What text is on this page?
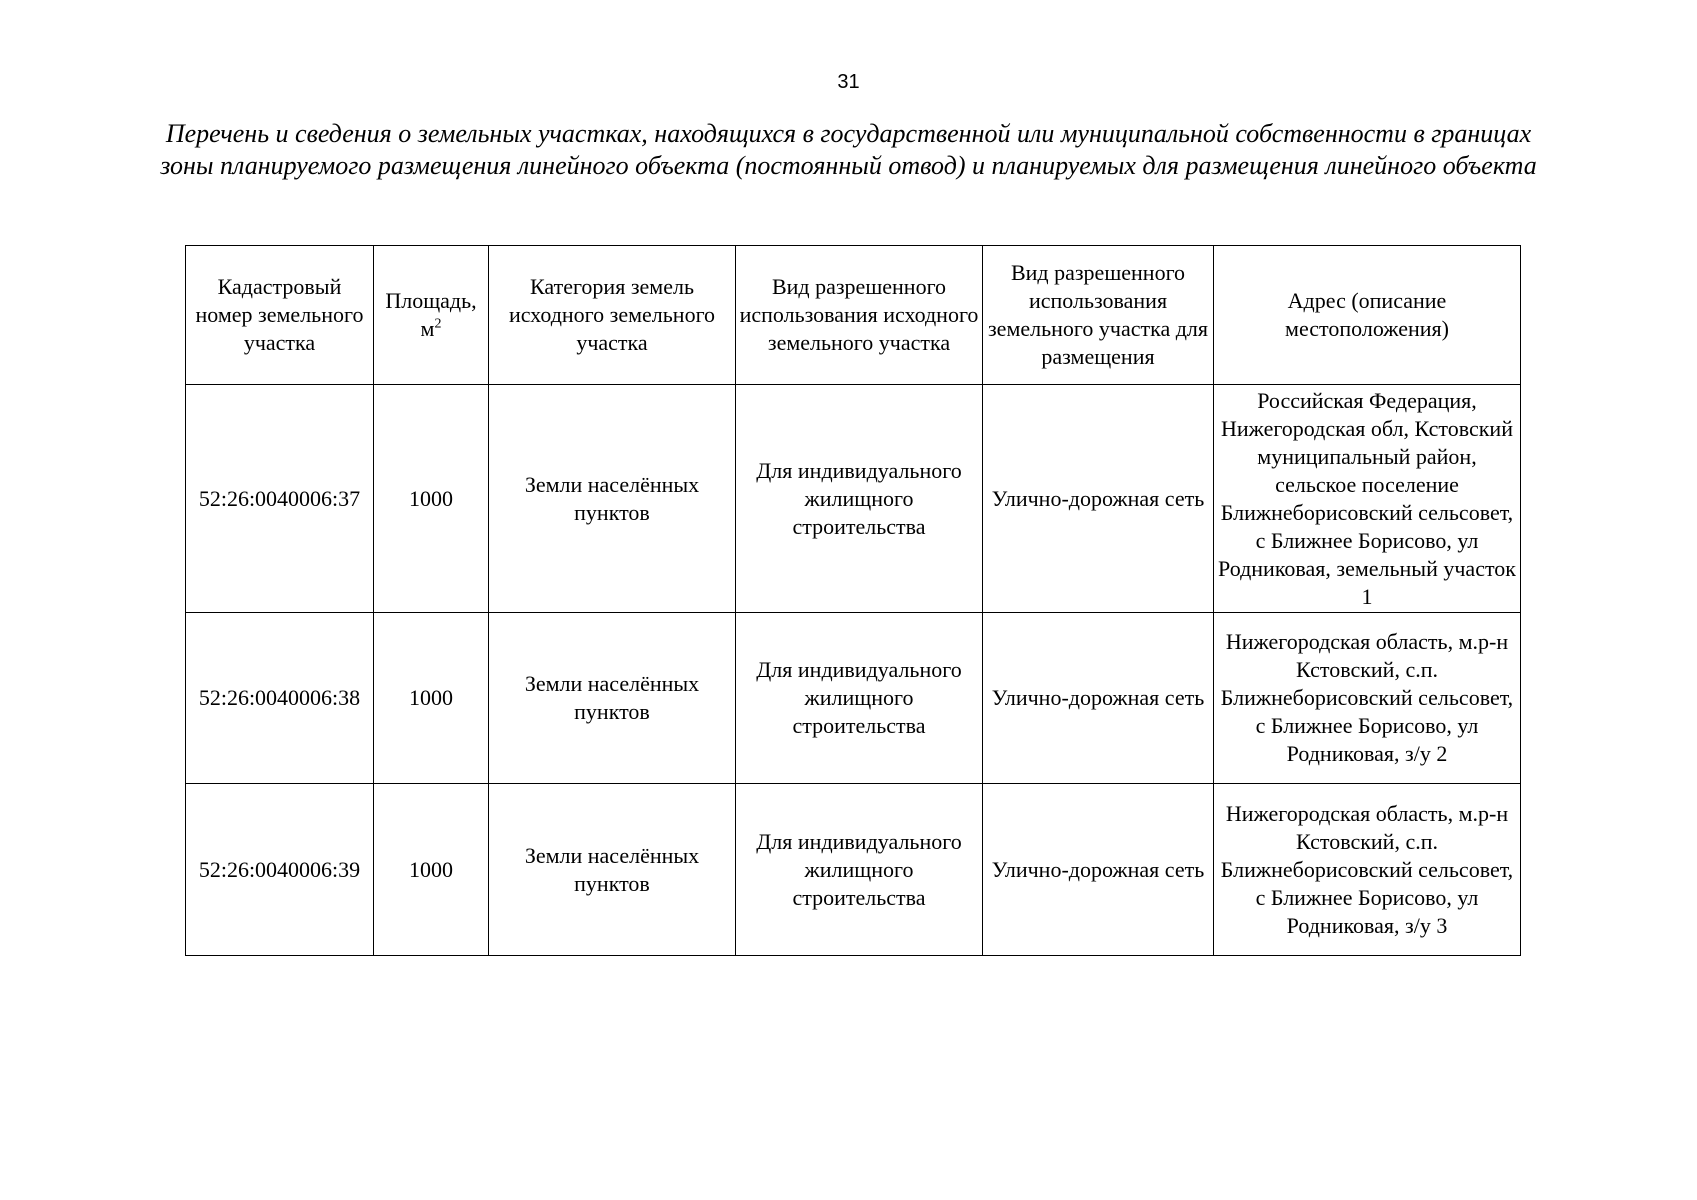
31
Перечень и сведения о земельных участках, находящихся в государственной или муниципальной собственности в границах зоны планируемого размещения линейного объекта (постоянный отвод) и планируемых для размещения линейного объекта
Кадастровый номер земельного участка	Площадь, $м^2$	Категория земель исходного земельного участка	Вид разрешенного использования исходного земельного участка	Вид разрешенного использования земельного участка для размещения	Адрес (описание местоположения)
52:26:0040006:37	1000	Земли населённых пунктов	Для индивидуального жилищного строительства	Улично-дорожная сеть	Российская Федерация, Нижегородская обл, Кстовский муниципальный район, сельское поселение Ближнеборисовский сельсовет, с Ближнее Борисово, ул Родниковая, земельный участок 1
52:26:0040006:38	1000	Земли населённых пунктов	Для индивидуального жилищного строительства	Улично-дорожная сеть	Нижегородская область, м.р-н Кстовский, с.п. Ближнеборисовский сельсовет, с Ближнее Борисово, ул Родниковая, з/у 2
52:26:0040006:39	1000	Земли населённых пунктов	Для индивидуального жилищного строительства	Улично-дорожная сеть	Нижегородская область, м.р-н Кстовский, с.п. Ближнеборисовский сельсовет, с Ближнее Борисово, ул Родниковая, з/у 3
